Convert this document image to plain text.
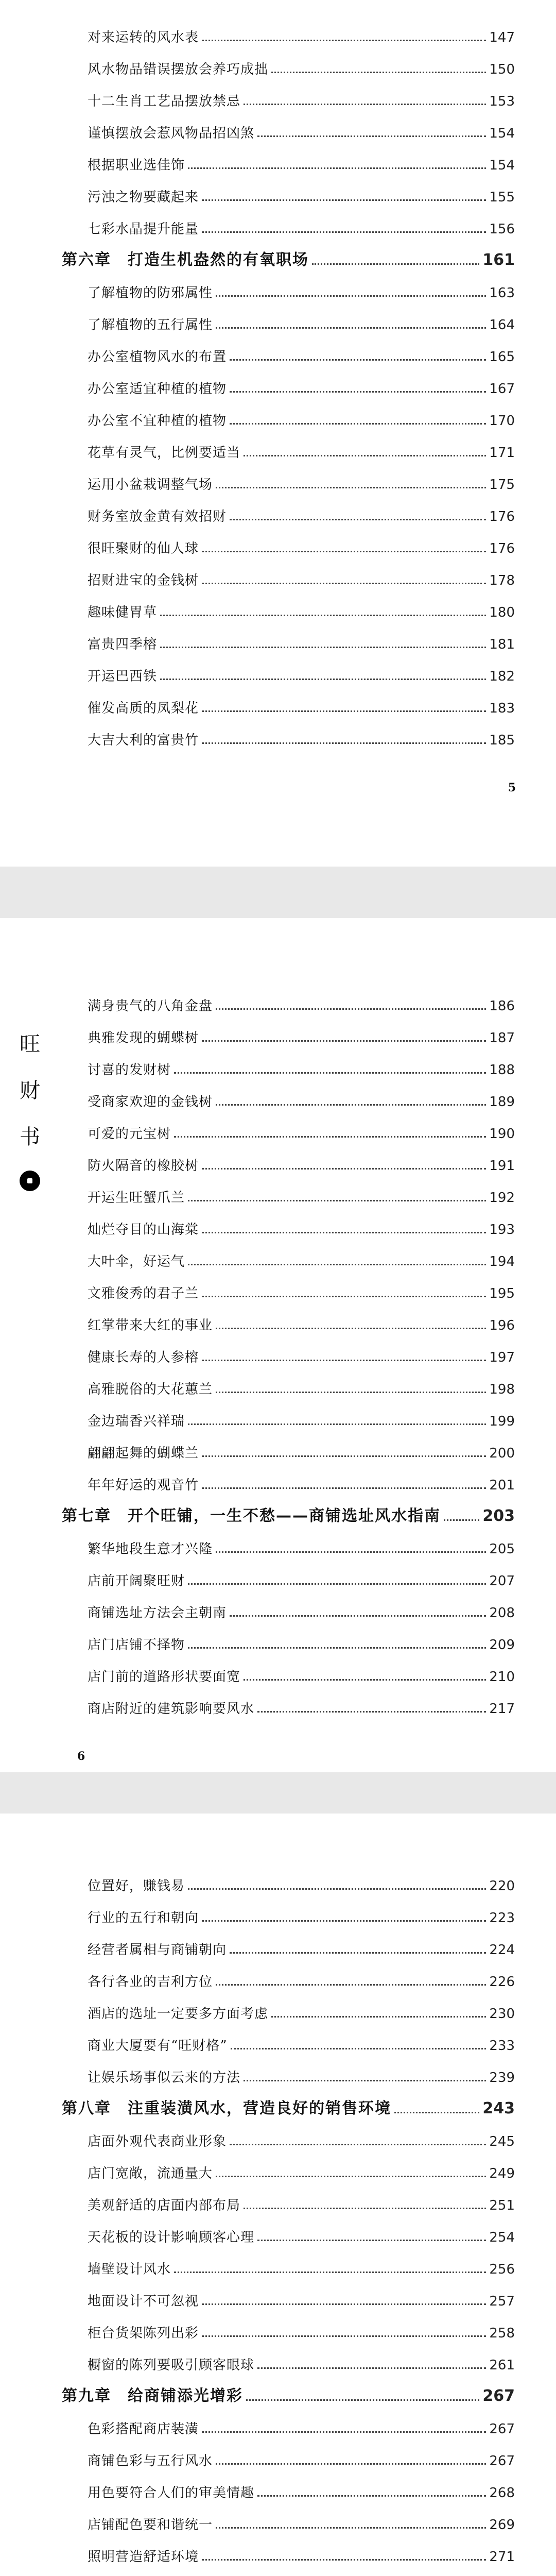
对来运转的风水表	147
风水物品错误摆放会养巧成拙	150
十二生肖工艺品摆放禁忌	153
谨慎摆放会惹风物品招凶煞	154
根据职业选佳饰	154
污浊之物要藏起来	155
七彩水晶提升能量	156
第六章　打造生机盎然的有氧职场	161
了解植物的防邪属性	163
了解植物的五行属性	164
办公室植物风水的布置	165
办公室适宜种植的植物	167
办公室不宜种植的植物	170
花草有灵气，比例要适当	171
运用小盆栽调整气场	175
财务室放金黄有效招财	176
很旺聚财的仙人球	176
招财进宝的金钱树	178
趣味健胃草	180
富贵四季榕	181
开运巴西铁	182
催发高质的凤梨花	183
大吉大利的富贵竹	185
5
满身贵气的八角金盘	186
典雅发现的蝴蝶树	187
讨喜的发财树	188
受商家欢迎的金钱树	189
可爱的元宝树	190
防火隔音的橡胶树	191
开运生旺蟹爪兰	192
灿烂夺目的山海棠	193
大叶伞，好运气	194
文雅俊秀的君子兰	195
红掌带来大红的事业	196
健康长寿的人参榕	197
高雅脱俗的大花蕙兰	198
金边瑞香兴祥瑞	199
翩翩起舞的蝴蝶兰	200
年年好运的观音竹	201
第七章　开个旺铺，一生不愁——商铺选址风水指南	203
繁华地段生意才兴隆	205
店前开阔聚旺财	207
商铺选址方法会主朝南	208
店门店铺不择物	209
店门前的道路形状要面宽	210
商店附近的建筑影响要风水	217
6
旺
财
书
位置好，赚钱易	220
行业的五行和朝向	223
经营者属相与商铺朝向	224
各行各业的吉利方位	226
酒店的选址一定要多方面考虑	230
商业大厦要有“旺财格”	233
让娱乐场事似云来的方法	239
第八章　注重装潢风水，营造良好的销售环境	243
店面外观代表商业形象	245
店门宽敞，流通量大	249
美观舒适的店面内部布局	251
天花板的设计影响顾客心理	254
墙壁设计风水	256
地面设计不可忽视	257
柜台货架陈列出彩	258
橱窗的陈列要吸引顾客眼球	261
第九章　给商铺添光增彩	267
色彩搭配商店装潢	267
商铺色彩与五行风水	267
用色要符合人们的审美情趣	268
店铺配色要和谐统一	269
照明营造舒适环境	271
